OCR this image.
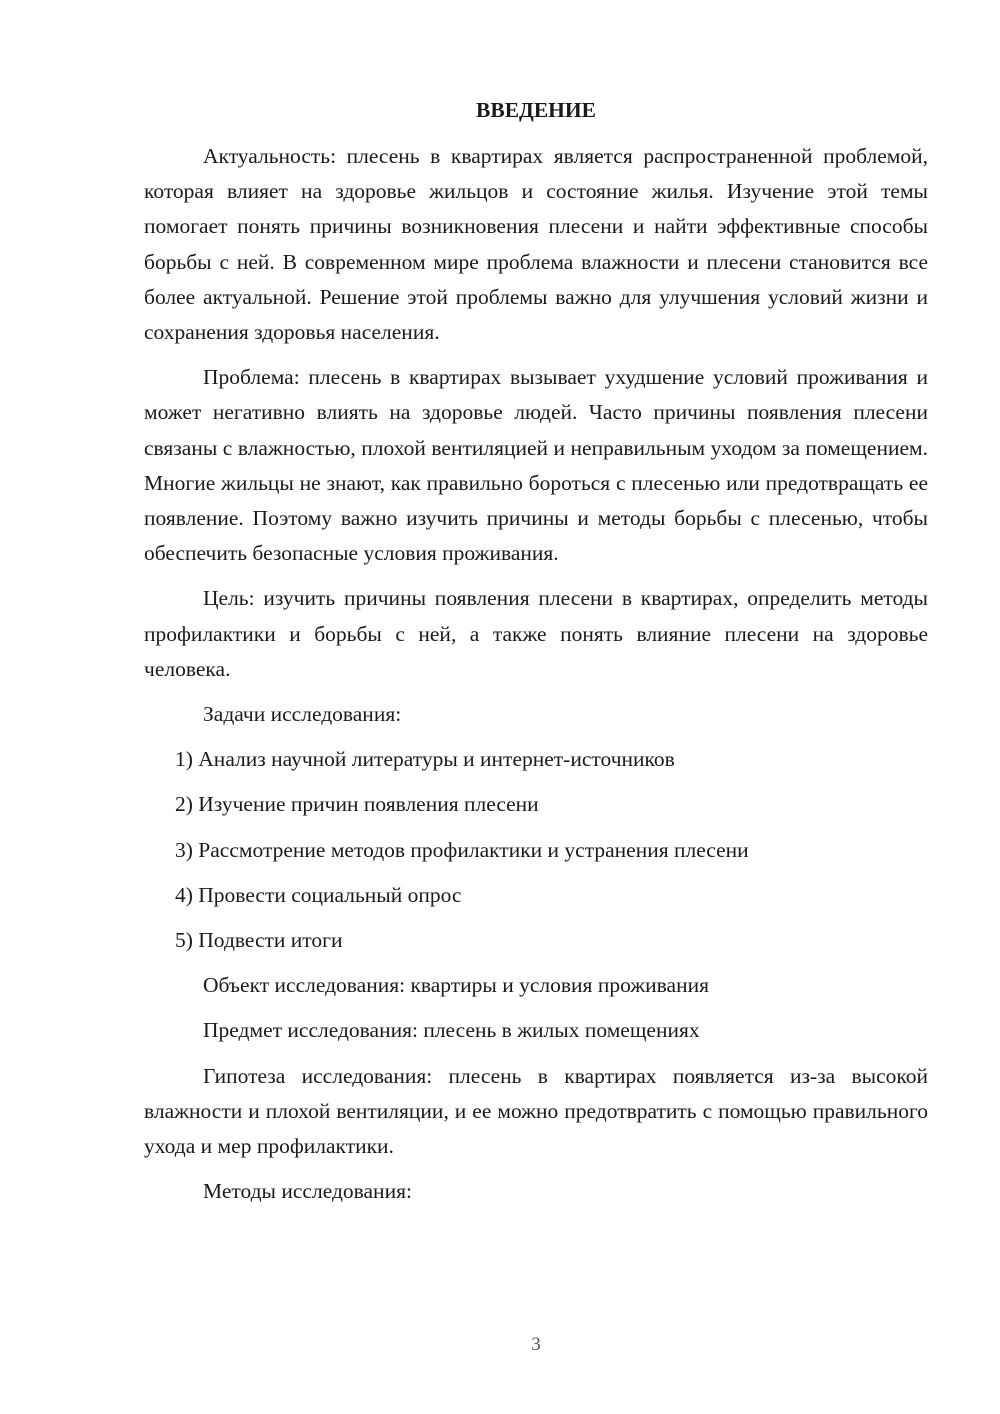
ВВЕДЕНИЕ

Актуальность: плесень в квартирах является распространенной проблемой, которая влияет на здоровье жильцов и состояние жилья. Изучение этой темы помогает понять причины возникновения плесени и найти эффективные способы борьбы с ней. В современном мире проблема влажности и плесени становится все более актуальной. Решение этой проблемы важно для улучшения условий жизни и сохранения здоровья населения.

Проблема: плесень в квартирах вызывает ухудшение условий проживания и может негативно влиять на здоровье людей. Часто причины появления плесени связаны с влажностью, плохой вентиляцией и неправильным уходом за помещением. Многие жильцы не знают, как правильно бороться с плесенью или предотвращать ее появление. Поэтому важно изучить причины и методы борьбы с плесенью, чтобы обеспечить безопасные условия проживания.

Цель: изучить причины появления плесени в квартирах, определить методы профилактики и борьбы с ней, а также понять влияние плесени на здоровье человека.

Задачи исследования:

1) Анализ научной литературы и интернет-источников
2) Изучение причин появления плесени
3) Рассмотрение методов профилактики и устранения плесени
4) Провести социальный опрос
5) Подвести итоги

Объект исследования: квартиры и условия проживания

Предмет исследования: плесень в жилых помещениях

Гипотеза исследования: плесень в квартирах появляется из-за высокой влажности и плохой вентиляции, и ее можно предотвратить с помощью правильного ухода и мер профилактики.

Методы исследования:

3
